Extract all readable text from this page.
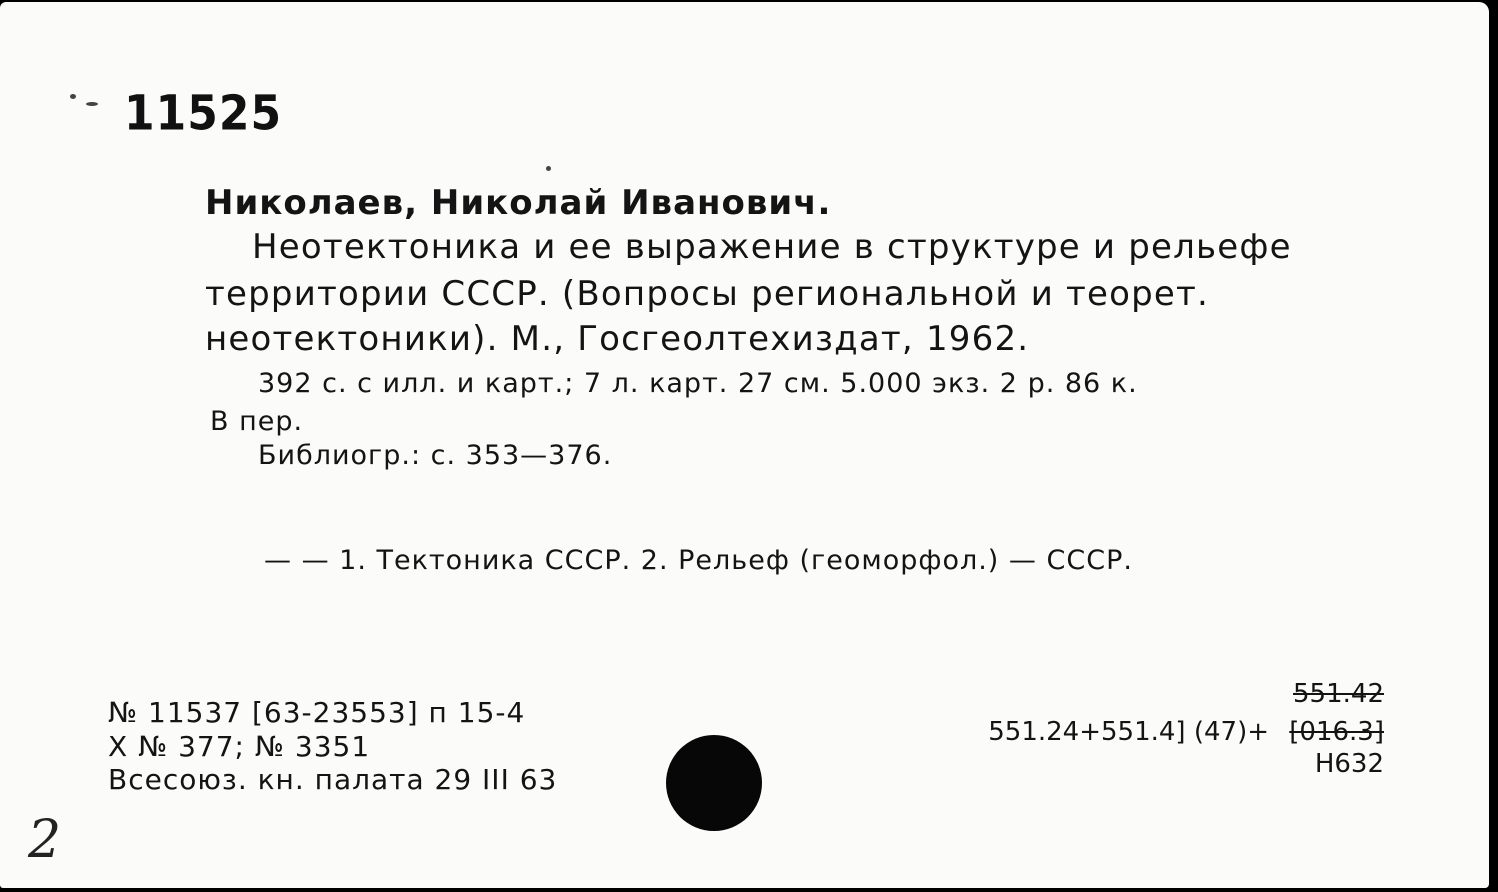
11525

Николаев, Николай Иванович.

Неотектоника и ее выражение в структуре и рельефе

территории СССР. (Вопросы региональной и теорет.

неотектоники). М., Госгеолтехиздат, 1962.

392 с. с илл. и карт.; 7 л. карт. 27 см. 5.000 экз. 2 р. 86 к.

В пер.

Библиогр.: с. 353—376.

— — 1. Тектоника СССР. 2. Рельеф (геоморфол.) — СССР.

№ 11537 [63-23553] п 15-4

Х № 377; № 3351

Всесоюз. кн. палата 29 III 63

551.42

551.24+551.4] (47)+ [016.3]

Н632

2
